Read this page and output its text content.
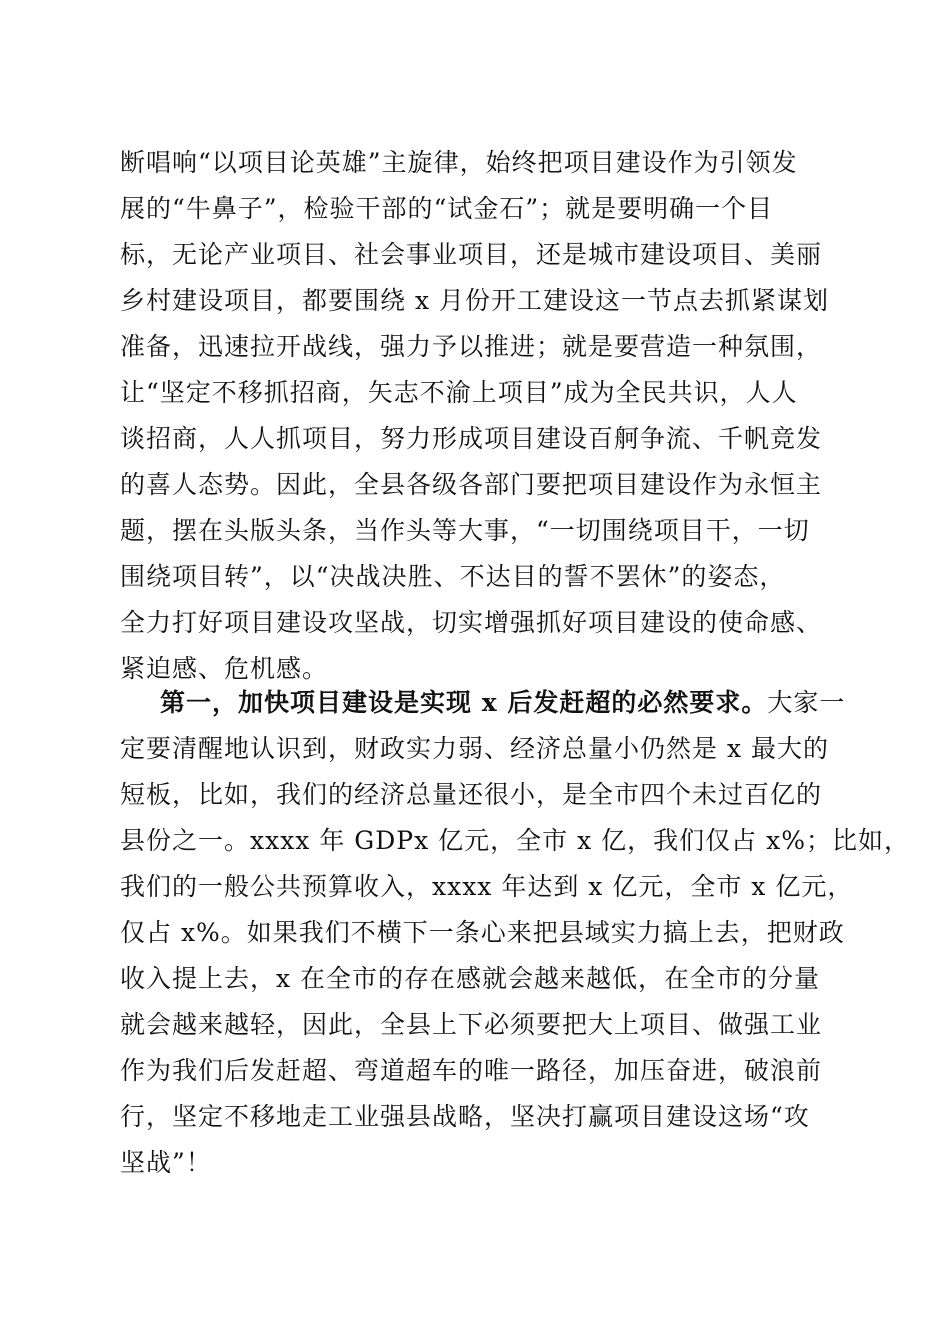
断唱响“以项目论英雄”主旋律，始终把项目建设作为引领发
展的“牛鼻子”，检验干部的“试金石”；就是要明确一个目
标，无论产业项目、社会事业项目，还是城市建设项目、美丽
乡村建设项目，都要围绕 x 月份开工建设这一节点去抓紧谋划
准备，迅速拉开战线，强力予以推进；就是要营造一种氛围，
让“坚定不移抓招商，矢志不渝上项目”成为全民共识，人人
谈招商，人人抓项目，努力形成项目建设百舸争流、千帆竞发
的喜人态势。因此，全县各级各部门要把项目建设作为永恒主
题，摆在头版头条，当作头等大事，“一切围绕项目干，一切
围绕项目转”，以“决战决胜、不达目的誓不罢休”的姿态，
全力打好项目建设攻坚战，切实增强抓好项目建设的使命感、
紧迫感、危机感。
第一，加快项目建设是实现 x 后发赶超的必然要求。大家一
定要清醒地认识到，财政实力弱、经济总量小仍然是 x 最大的
短板，比如，我们的经济总量还很小，是全市四个未过百亿的
县份之一。xxxx 年 GDPx 亿元，全市 x 亿，我们仅占 x%；比如，
我们的一般公共预算收入，xxxx 年达到 x 亿元，全市 x 亿元，
仅占 x%。如果我们不横下一条心来把县域实力搞上去，把财政
收入提上去，x 在全市的存在感就会越来越低，在全市的分量
就会越来越轻，因此，全县上下必须要把大上项目、做强工业
作为我们后发赶超、弯道超车的唯一路径，加压奋进，破浪前
行，坚定不移地走工业强县战略，坚决打赢项目建设这场“攻
坚战”！
